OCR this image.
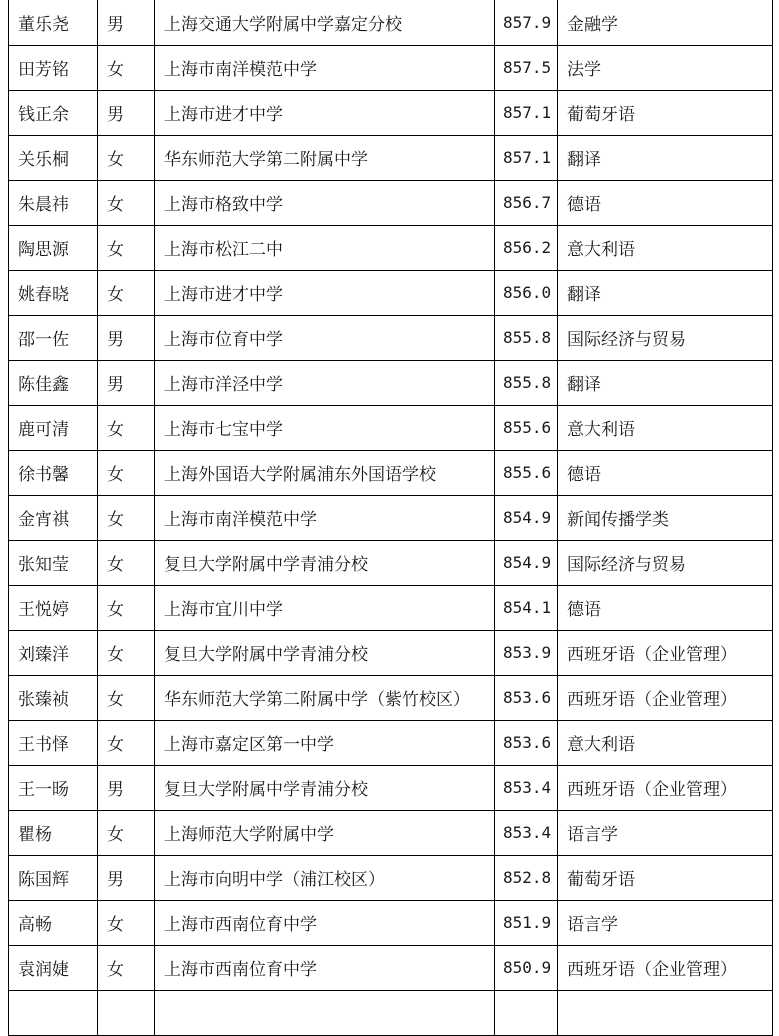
董乐尧	男	上海交通大学附属中学嘉定分校	857.9	金融学
田芳铭	女	上海市南洋模范中学	857.5	法学
钱正余	男	上海市进才中学	857.1	葡萄牙语
关乐桐	女	华东师范大学第二附属中学	857.1	翻译
朱晨祎	女	上海市格致中学	856.7	德语
陶思源	女	上海市松江二中	856.2	意大利语
姚春晓	女	上海市进才中学	856.0	翻译
邵一佐	男	上海市位育中学	855.8	国际经济与贸易
陈佳鑫	男	上海市洋泾中学	855.8	翻译
鹿可清	女	上海市七宝中学	855.6	意大利语
徐书馨	女	上海外国语大学附属浦东外国语学校	855.6	德语
金宵祺	女	上海市南洋模范中学	854.9	新闻传播学类
张知莹	女	复旦大学附属中学青浦分校	854.9	国际经济与贸易
王悦婷	女	上海市宜川中学	854.1	德语
刘臻洋	女	复旦大学附属中学青浦分校	853.9	西班牙语（企业管理）
张臻祯	女	华东师范大学第二附属中学（紫竹校区）	853.6	西班牙语（企业管理）
王书怿	女	上海市嘉定区第一中学	853.6	意大利语
王一旸	男	复旦大学附属中学青浦分校	853.4	西班牙语（企业管理）
瞿杨	女	上海师范大学附属中学	853.4	语言学
陈国辉	男	上海市向明中学（浦江校区）	852.8	葡萄牙语
高畅	女	上海市西南位育中学	851.9	语言学
袁润婕	女	上海市西南位育中学	850.9	西班牙语（企业管理）
